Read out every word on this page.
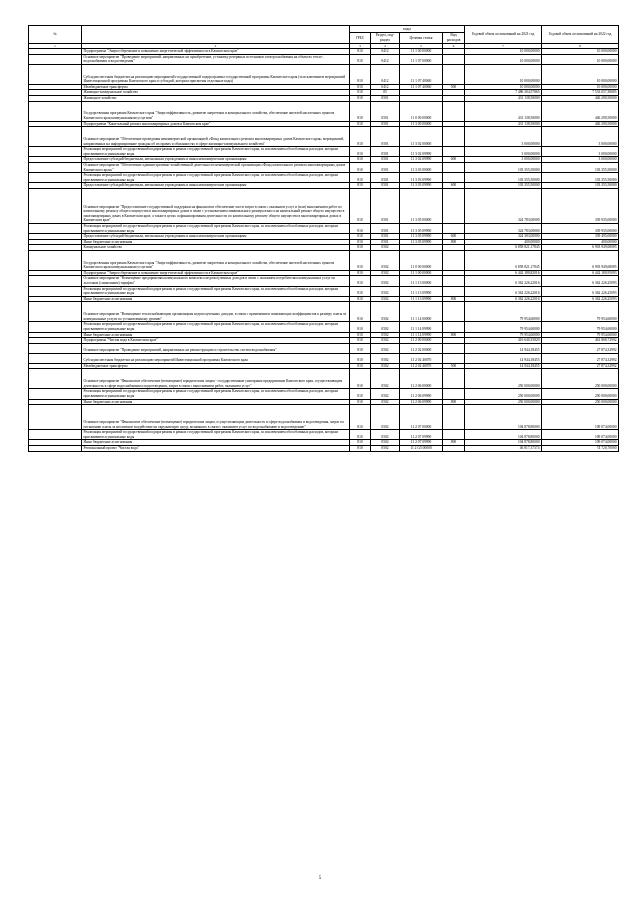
№		коды				Годовой объем ассигнований на 2021 год	Годовой объем ассигнований на 2022 год
		ГРБС	Раздел, под-раздел	Целевая статья	Вид расходов		
1	2	3	4	5	6	7	8
	Подпрограмма "Энергосбережение и повышение энергетической эффективности в Камчатском крае"	810	0412	11 1 00 00000		10 000,00000	10 000,00000
	Основное мероприятие "Проведение мероприятий, направленных на приобретение, установку резервных источников электроснабжения на объектах тепло-, водоснабжения и водоотведения"	810	0412	11 1 07 00000		10 000,00000	10 000,00000
	Субсидии местным бюджетам на реализацию мероприятий государственной подпрограммы государственной программы Камчатского края (за исключением мероприятий Инвестиционной программы Камчатского края и субсидий, которым присвоены отдельные коды)	810	0412	11 1 07 40060		10 000,00000	10 000,00000
	Межбюджетные трансферты	810	0412	11 1 07 40060	500	10 000,00000	10 000,00000
	Жилищно-коммунальное хозяйство	810	05			7 486 304,57865	7 533 057,38085
	Жилищное хозяйство	810	0501			431 138,50000	446 290,50000
	Государственная программа Камчатского края "Энергоэффективность, развитие энергетики и коммунального хозяйства, обеспечение жителей населенных пунктов Камчатского края коммунальными услугами"	810	0501	11 0 00 00000		431 138,50000	446 290,50000
	Подпрограмма "Капитальный ремонт многоквартирных домов в Камчатском крае"	810	0501	11 3 00 00000		431 138,50000	446 290,50000
	Основное мероприятие "Обеспечение проведения некоммерческой организацией «Фонд капитального ремонта многоквартирных домов Камчатского края» мероприятий, направленных на информирование граждан об их правах и обязанностях в сфере жилищно-коммунального хозяйства"	810	0501	11 3 02 00000		3 000,00000	3 000,00000
	Реализация мероприятий государственной подпрограммы в рамках государственной программы Камчатского края, за исключением обособленных расходов, которым присваиваются уникальные коды	810	0501	11 3 02 09990		3 000,00000	3 000,00000
	Предоставление субсидий бюджетным, автономным учреждениям и иным некоммерческим организациям	810	0501	11 3 02 09990	600	3 000,00000	3 000,00000
	Основное мероприятие "Обеспечение административно-хозяйственной деятельности некоммерческой организации «Фонд капитального ремонта многоквартирных домов Камчатского края»"	810	0501	11 3 03 00000		103 355,50000	103 355,50000
	Реализация мероприятий государственной подпрограммы в рамках государственной программы Камчатского края, за исключением обособленных расходов, которым присваиваются уникальные коды	810	0501	11 3 03 09990		103 355,50000	103 355,50000
	Предоставление субсидий бюджетным, автономным учреждениям и иным некоммерческим организациям	810	0501	11 3 03 09990	600	103 355,50000	103 355,50000
	Основное мероприятие "Предоставление государственной поддержки на финансовое обеспечение части затрат в связи с оказанием услуг и (или) выполнением работ по капитальному ремонту общего имущества в многоквартирных домах в связи с установлением минимального размера взноса на капитальный ремонт общего имущества в многоквартирных домах в Камчатском крае, а также в целях софинансирования деятельности по капитальному ремонту общего имущества в многоквартирных домах в Камчатском крае"	810	0501	11 3 05 00000		324 783,00000	339 935,00000
	Реализация мероприятий государственной подпрограммы в рамках государственной программы Камчатского края, за исключением обособленных расходов, которым присваиваются уникальные коды	810	0501	11 3 05 09990		324 783,00000	339 935,00000
	Предоставление субсидий бюджетным, автономным учреждениям и иным некоммерческим организациям	810	0501	11 3 05 09990	600	324 383,00000	339 495,00000
	Иные бюджетные ассигнования	810	0501	11 3 05 09990	800	400,00000	400,00000
	Коммунальное хозяйство	810	0502			6 858 821,17845	6 903 949,68085
	Государственная программа Камчатского края "Энергоэффективность, развитие энергетики и коммунального хозяйства, обеспечение жителей населенных пунктов Камчатского края коммунальными услугами"	810	0502	11 0 00 00000		6 858 821,17845	6 903 949,68085
	Подпрограмма "Энергосбережение и повышение энергетической эффективности в Камчатском крае"	810	0502	11 1 00 00000		6 442 180,82016	6 442 180,95093
	Основное мероприятие "Возмещение предприятиям коммунального комплекса недополученных доходов в связи с оказанием потребителям коммунальных услуг по льготным (сниженным) тарифам"	810	0502	11 1 13 00000		6 362 226,22016	6 362 226,25093
	Реализация мероприятий государственной подпрограммы в рамках государственной программы Камчатского края, за исключением обособленных расходов, которым присваиваются уникальные коды	810	0502	11 1 13 09990		6 362 226,22016	6 362 226,25093
	Иные бюджетные ассигнования	810	0502	11 1 13 09990	800	6 362 226,22016	6 362 226,25093
	Основное мероприятие "Возмещение теплоснабжающим организациям недополученных доходов, в связи с применением понижающих коэффициентов к размеру платы за коммунальные услуги по установленному уровню"	810	0502	11 1 14 00000		79 954,60000	79 954,60000
	Реализация мероприятий государственной подпрограммы в рамках государственной программы Камчатского края, за исключением обособленных расходов, которым присваиваются уникальные коды	810	0502	11 1 14 09990		79 954,60000	79 954,60000
	Иные бюджетные ассигнования	810	0502	11 1 14 09990	800	79 954,60000	79 954,60000
	Подпрограмма "Чистая вода в Камчатском крае"	810	0502	11 2 00 00000		416 640,35829	461 868,72992
	Основное мероприятие "Проведение мероприятий, направленных на реконструкцию и строительство систем водоснабжения"	810	0502	11 2 02 00000		14 944,18455	27 874,32992
	Субсидии местным бюджетам на реализацию мероприятий Инвестиционной программы Камчатского края	810	0502	11 2 02 40070		14 944,18455	27 874,32992
	Межбюджетные трансферты	810	0502	11 2 02 40070	500	14 944,18455	27 874,32992
	Основное мероприятие "Финансовое обеспечение (возмещение) юридическим лицам - государственным унитарным предприятиям Камчатского края, осуществляющим деятельность в сфере водоснабжения и водоотведения, затрат в связи с выполнением работ, оказанием услуг"	810	0502	11 2 06 00000		250 000,00000	250 000,00000
	Реализация мероприятий государственной подпрограммы в рамках государственной программы Камчатского края, за исключением обособленных расходов, которым присваиваются уникальные коды	810	0502	11 2 06 09990		250 000,00000	250 000,00000
	Иные бюджетные ассигнования	810	0502	11 2 06 09990	800	250 000,00000	250 000,00000
	Основное мероприятие "Финансовое обеспечение (возмещение) юридическим лицам, осуществляющим деятельность в сфере водоснабжения и водоотведения, затрат по погашению платы за негативное воздействие на окружающую среду, возникших в связи с оказанием услуг по водоснабжению и водоотведению"	810	0502	11 2 07 00000		104 878,80000	109 074,00000
	Реализация мероприятий государственной подпрограммы в рамках государственной программы Камчатского края, за исключением обособленных расходов, которым присваиваются уникальные коды	810	0502	11 2 07 09990		104 878,80000	109 074,00000
	Иные бюджетные ассигнования	810	0502	11 2 07 09990	800	104 878,80000	109 074,00000
	Региональный проект "Чистая вода"	810	0502	11 2 G5 00000		46 817,37374	74 720,70000
5
